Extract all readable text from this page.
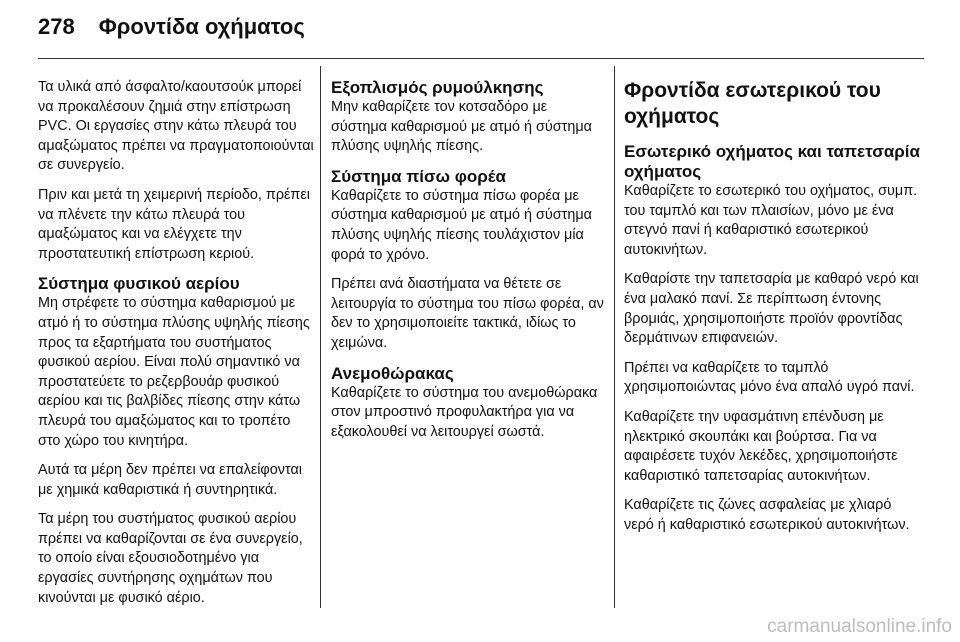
278 Φροντίδα οχήματος

Τα υλικά από άσφαλτο/καουτσούκ μπορεί να προκαλέσουν ζημιά στην επίστρωση PVC. Οι εργασίες στην κάτω πλευρά του αμαξώματος πρέπει να πραγματοποιούνται σε συνεργείο.

Πριν και μετά τη χειμερινή περίοδο, πρέπει να πλένετε την κάτω πλευρά του αμαξώματος και να ελέγχετε την προστατευτική επίστρωση κεριού.

Σύστημα φυσικού αερίου

Μη στρέφετε το σύστημα καθαρισμού με ατμό ή το σύστημα πλύσης υψηλής πίεσης προς τα εξαρτήματα του συστήματος φυσικού αερίου. Είναι πολύ σημαντικό να προστατεύετε το ρεζερβουάρ φυσικού αερίου και τις βαλβίδες πίεσης στην κάτω πλευρά του αμαξώματος και το τροπέτο στο χώρο του κινητήρα.

Αυτά τα μέρη δεν πρέπει να επαλείφονται με χημικά καθαριστικά ή συντηρητικά.

Τα μέρη του συστήματος φυσικού αερίου πρέπει να καθαρίζονται σε ένα συνεργείο, το οποίο είναι εξουσιοδοτημένο για εργασίες συντήρησης οχημάτων που κινούνται με φυσικό αέριο.

Εξοπλισμός ρυμούλκησης

Μην καθαρίζετε τον κοτσαδόρο με σύστημα καθαρισμού με ατμό ή σύστημα πλύσης υψηλής πίεσης.

Σύστημα πίσω φορέα

Καθαρίζετε το σύστημα πίσω φορέα με σύστημα καθαρισμού με ατμό ή σύστημα πλύσης υψηλής πίεσης τουλάχιστον μία φορά το χρόνο.

Πρέπει ανά διαστήματα να θέτετε σε λειτουργία το σύστημα του πίσω φορέα, αν δεν το χρησιμοποιείτε τακτικά, ιδίως το χειμώνα.

Ανεμοθώρακας

Καθαρίζετε το σύστημα του ανεμοθώρακα στον μπροστινό προφυλακτήρα για να εξακολουθεί να λειτουργεί σωστά.

Φροντίδα εσωτερικού του οχήματος
Εσωτερικό οχήματος και ταπετσαρία οχήματος

Καθαρίζετε το εσωτερικό του οχήματος, συμπ. του ταμπλό και των πλαισίων, μόνο με ένα στεγνό πανί ή καθαριστικό εσωτερικού αυτοκινήτων.

Καθαρίστε την ταπετσαρία με καθαρό νερό και ένα μαλακό πανί. Σε περίπτωση έντονης βρομιάς, χρησιμοποιήστε προϊόν φροντίδας δερμάτινων επιφανειών.

Πρέπει να καθαρίζετε το ταμπλό χρησιμοποιώντας μόνο ένα απαλό υγρό πανί.

Καθαρίζετε την υφασμάτινη επένδυση με ηλεκτρικό σκουπάκι και βούρτσα. Για να αφαιρέσετε τυχόν λεκέδες, χρησιμοποιήστε καθαριστικό ταπετσαρίας αυτοκινήτων.

Καθαρίζετε τις ζώνες ασφαλείας με χλιαρό νερό ή καθαριστικό εσωτερικού αυτοκινήτων.

carmanualsonline.info
